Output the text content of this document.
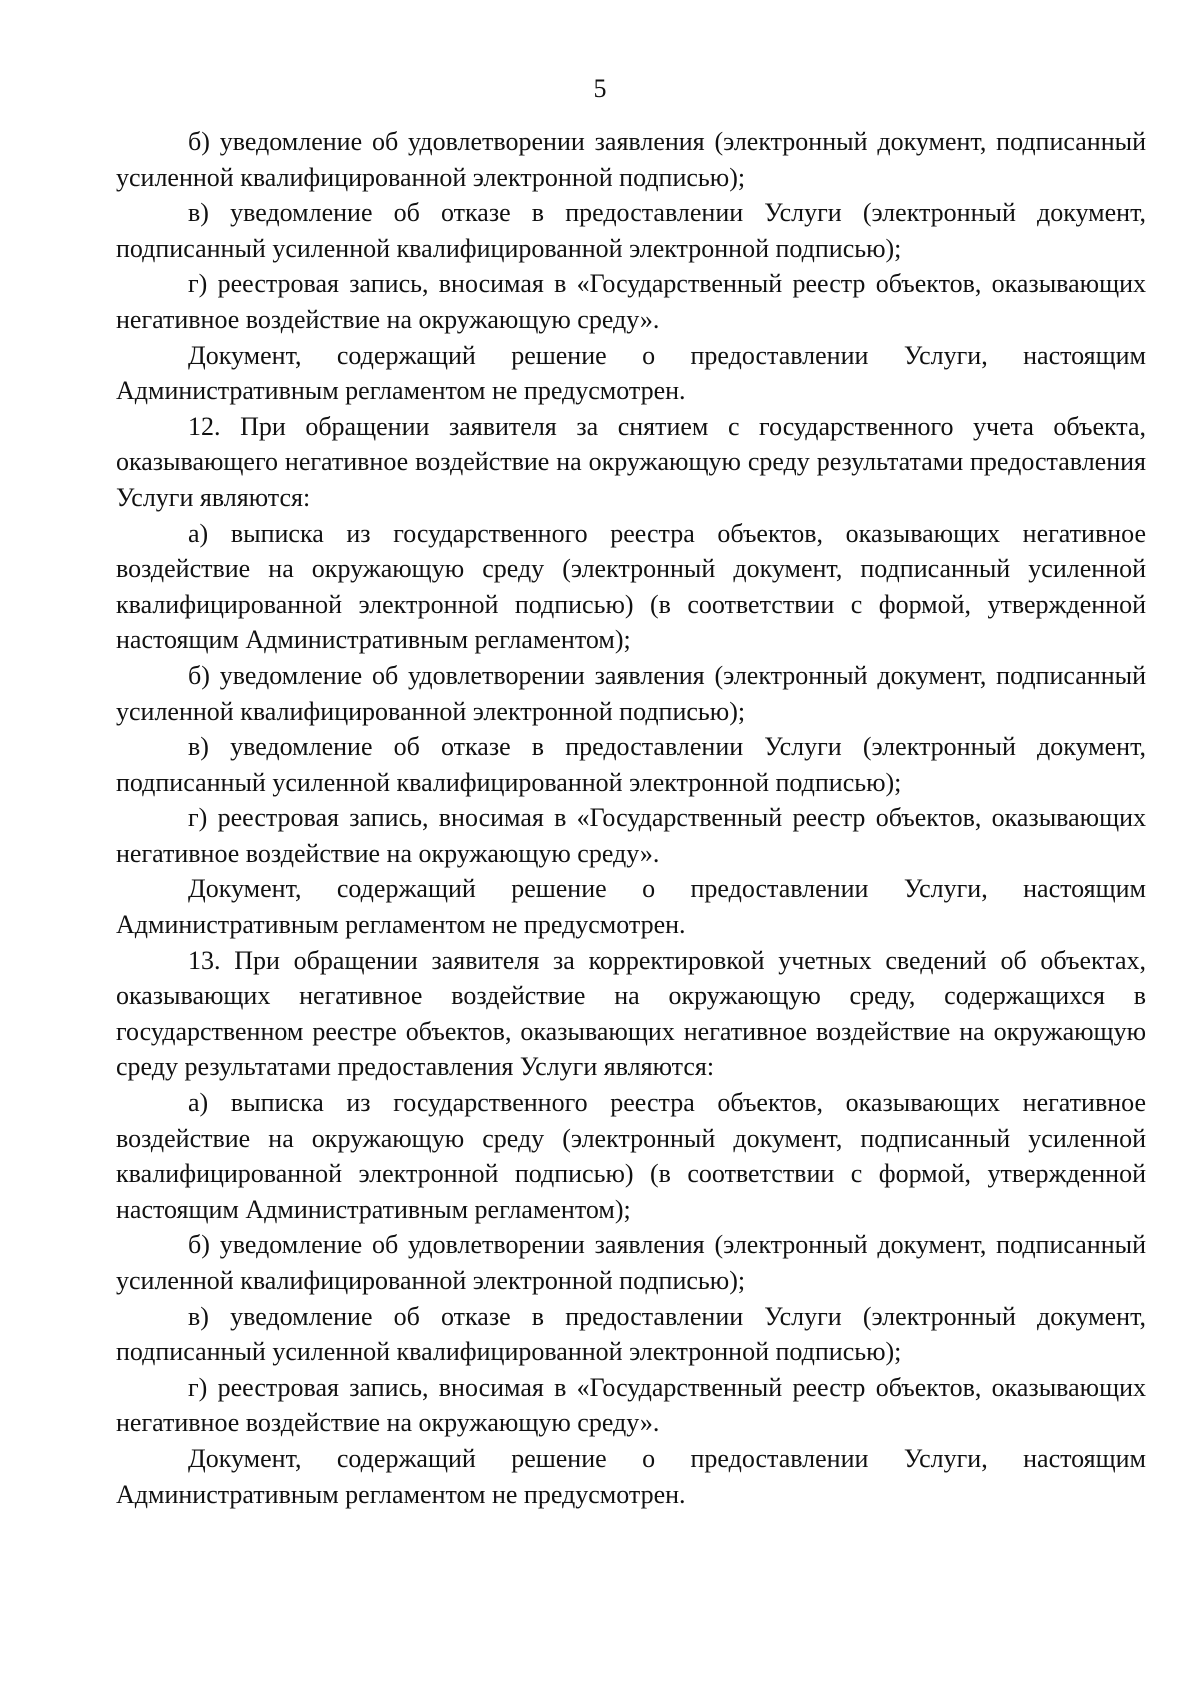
5

б) уведомление об удовлетворении заявления (электронный документ, подписанный усиленной квалифицированной электронной подписью);

в) уведомление об отказе в предоставлении Услуги (электронный документ, подписанный усиленной квалифицированной электронной подписью);

г) реестровая запись, вносимая в «Государственный реестр объектов, оказывающих негативное воздействие на окружающую среду».

Документ, содержащий решение о предоставлении Услуги, настоящим Административным регламентом не предусмотрен.

12. При обращении заявителя за снятием с государственного учета объекта, оказывающего негативное воздействие на окружающую среду результатами предоставления Услуги являются:

а) выписка из государственного реестра объектов, оказывающих негативное воздействие на окружающую среду (электронный документ, подписанный усиленной квалифицированной электронной подписью) (в соответствии с формой, утвержденной настоящим Административным регламентом);

б) уведомление об удовлетворении заявления (электронный документ, подписанный усиленной квалифицированной электронной подписью);

в) уведомление об отказе в предоставлении Услуги (электронный документ, подписанный усиленной квалифицированной электронной подписью);

г) реестровая запись, вносимая в «Государственный реестр объектов, оказывающих негативное воздействие на окружающую среду».

Документ, содержащий решение о предоставлении Услуги, настоящим Административным регламентом не предусмотрен.

13. При обращении заявителя за корректировкой учетных сведений об объектах, оказывающих негативное воздействие на окружающую среду, содержащихся в государственном реестре объектов, оказывающих негативное воздействие на окружающую среду результатами предоставления Услуги являются:

а) выписка из государственного реестра объектов, оказывающих негативное воздействие на окружающую среду (электронный документ, подписанный усиленной квалифицированной электронной подписью) (в соответствии с формой, утвержденной настоящим Административным регламентом);

б) уведомление об удовлетворении заявления (электронный документ, подписанный усиленной квалифицированной электронной подписью);

в) уведомление об отказе в предоставлении Услуги (электронный документ, подписанный усиленной квалифицированной электронной подписью);

г) реестровая запись, вносимая в «Государственный реестр объектов, оказывающих негативное воздействие на окружающую среду».

Документ, содержащий решение о предоставлении Услуги, настоящим Административным регламентом не предусмотрен.
